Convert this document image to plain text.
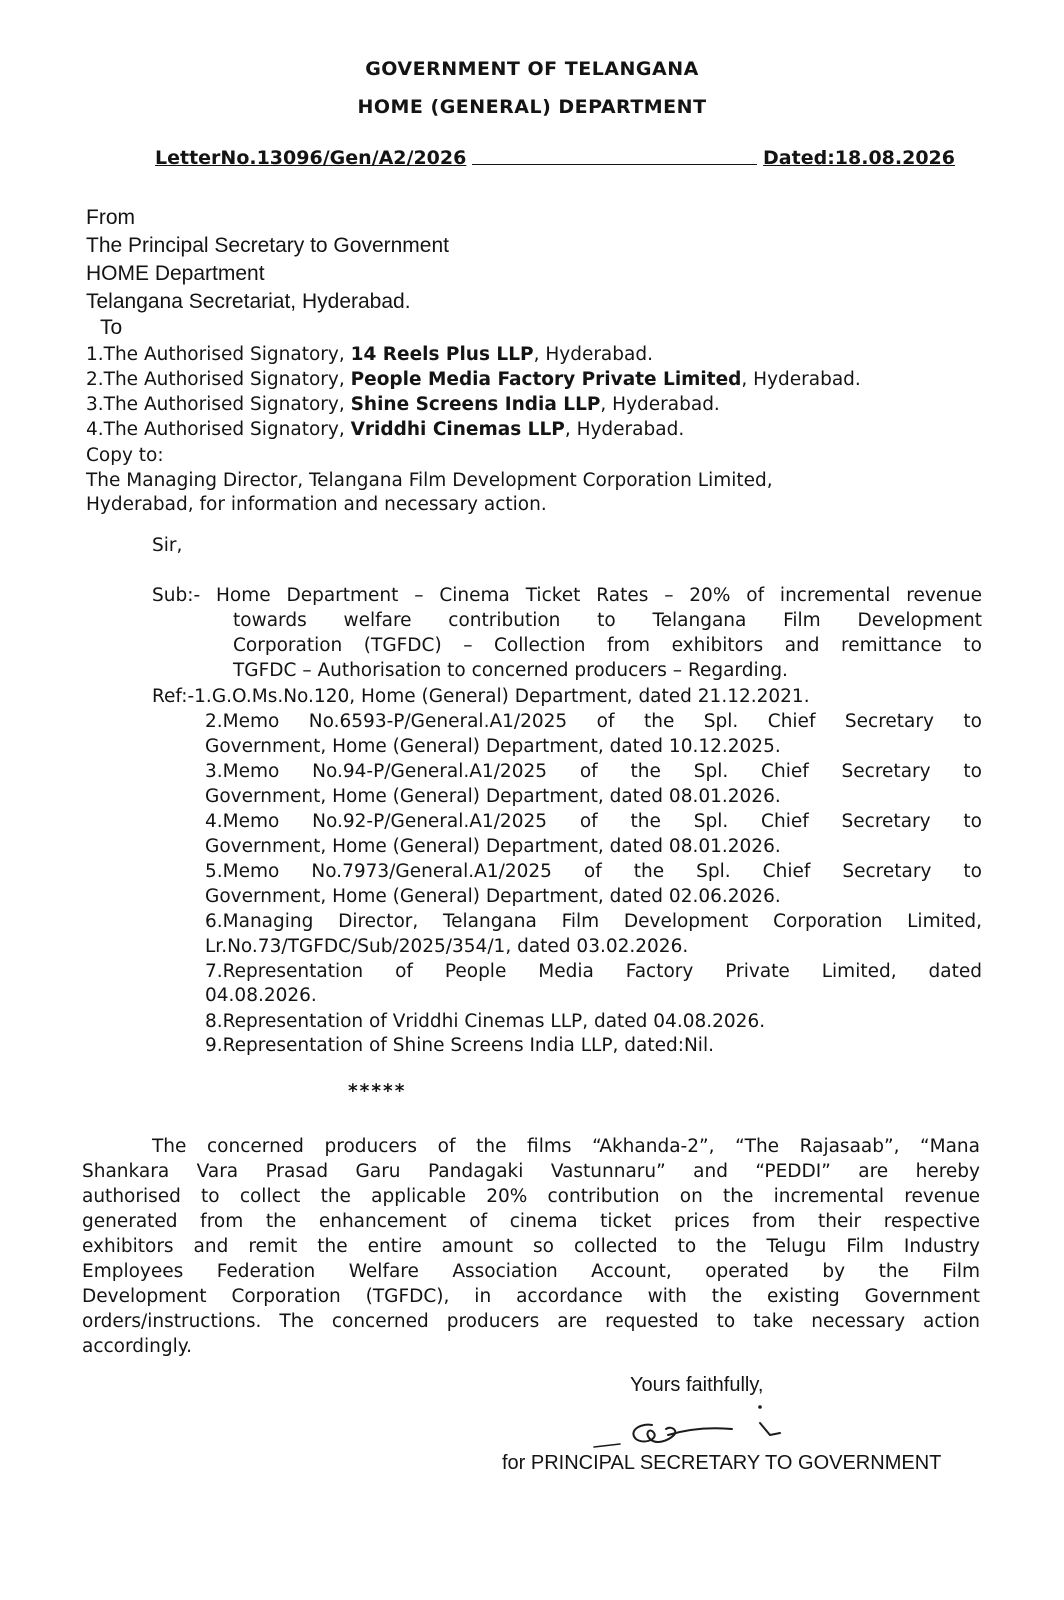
GOVERNMENT OF TELANGANA
HOME (GENERAL) DEPARTMENT
LetterNo.13096/Gen/A2/2026	Dated:18.08.2026
From
The Principal Secretary to Government
HOME Department
Telangana Secretariat, Hyderabad.
To
1.The Authorised Signatory, 14 Reels Plus LLP, Hyderabad.
2.The Authorised Signatory, People Media Factory Private Limited, Hyderabad.
3.The Authorised Signatory, Shine Screens India LLP, Hyderabad.
4.The Authorised Signatory, Vriddhi Cinemas LLP, Hyderabad.
Copy to:
The Managing Director, Telangana Film Development Corporation Limited,
Hyderabad, for information and necessary action.
Sir,
Sub:- Home Department – Cinema Ticket Rates – 20% of incremental revenue
towards welfare contribution to Telangana Film Development
Corporation (TGFDC) – Collection from exhibitors and remittance to
TGFDC – Authorisation to concerned producers – Regarding.
Ref:-1.G.O.Ms.No.120, Home (General) Department, dated 21.12.2021.
2.Memo No.6593-P/General.A1/2025 of the Spl. Chief Secretary to
Government, Home (General) Department, dated 10.12.2025.
3.Memo No.94-P/General.A1/2025 of the Spl. Chief Secretary to
Government, Home (General) Department, dated 08.01.2026.
4.Memo No.92-P/General.A1/2025 of the Spl. Chief Secretary to
Government, Home (General) Department, dated 08.01.2026.
5.Memo No.7973/General.A1/2025 of the Spl. Chief Secretary to
Government, Home (General) Department, dated 02.06.2026.
6.Managing Director, Telangana Film Development Corporation Limited,
Lr.No.73/TGFDC/Sub/2025/354/1, dated 03.02.2026.
7.Representation of People Media Factory Private Limited, dated
04.08.2026.
8.Representation of Vriddhi Cinemas LLP, dated 04.08.2026.
9.Representation of Shine Screens India LLP, dated:Nil.
*****
The concerned producers of the films “Akhanda-2”, “The Rajasaab”, “Mana
Shankara Vara Prasad Garu Pandagaki Vastunnaru” and “PEDDI” are hereby
authorised to collect the applicable 20% contribution on the incremental revenue
generated from the enhancement of cinema ticket prices from their respective
exhibitors and remit the entire amount so collected to the Telugu Film Industry
Employees Federation Welfare Association Account, operated by the Film
Development Corporation (TGFDC), in accordance with the existing Government
orders/instructions. The concerned producers are requested to take necessary action
accordingly.
Yours faithfully,
for PRINCIPAL SECRETARY TO GOVERNMENT
